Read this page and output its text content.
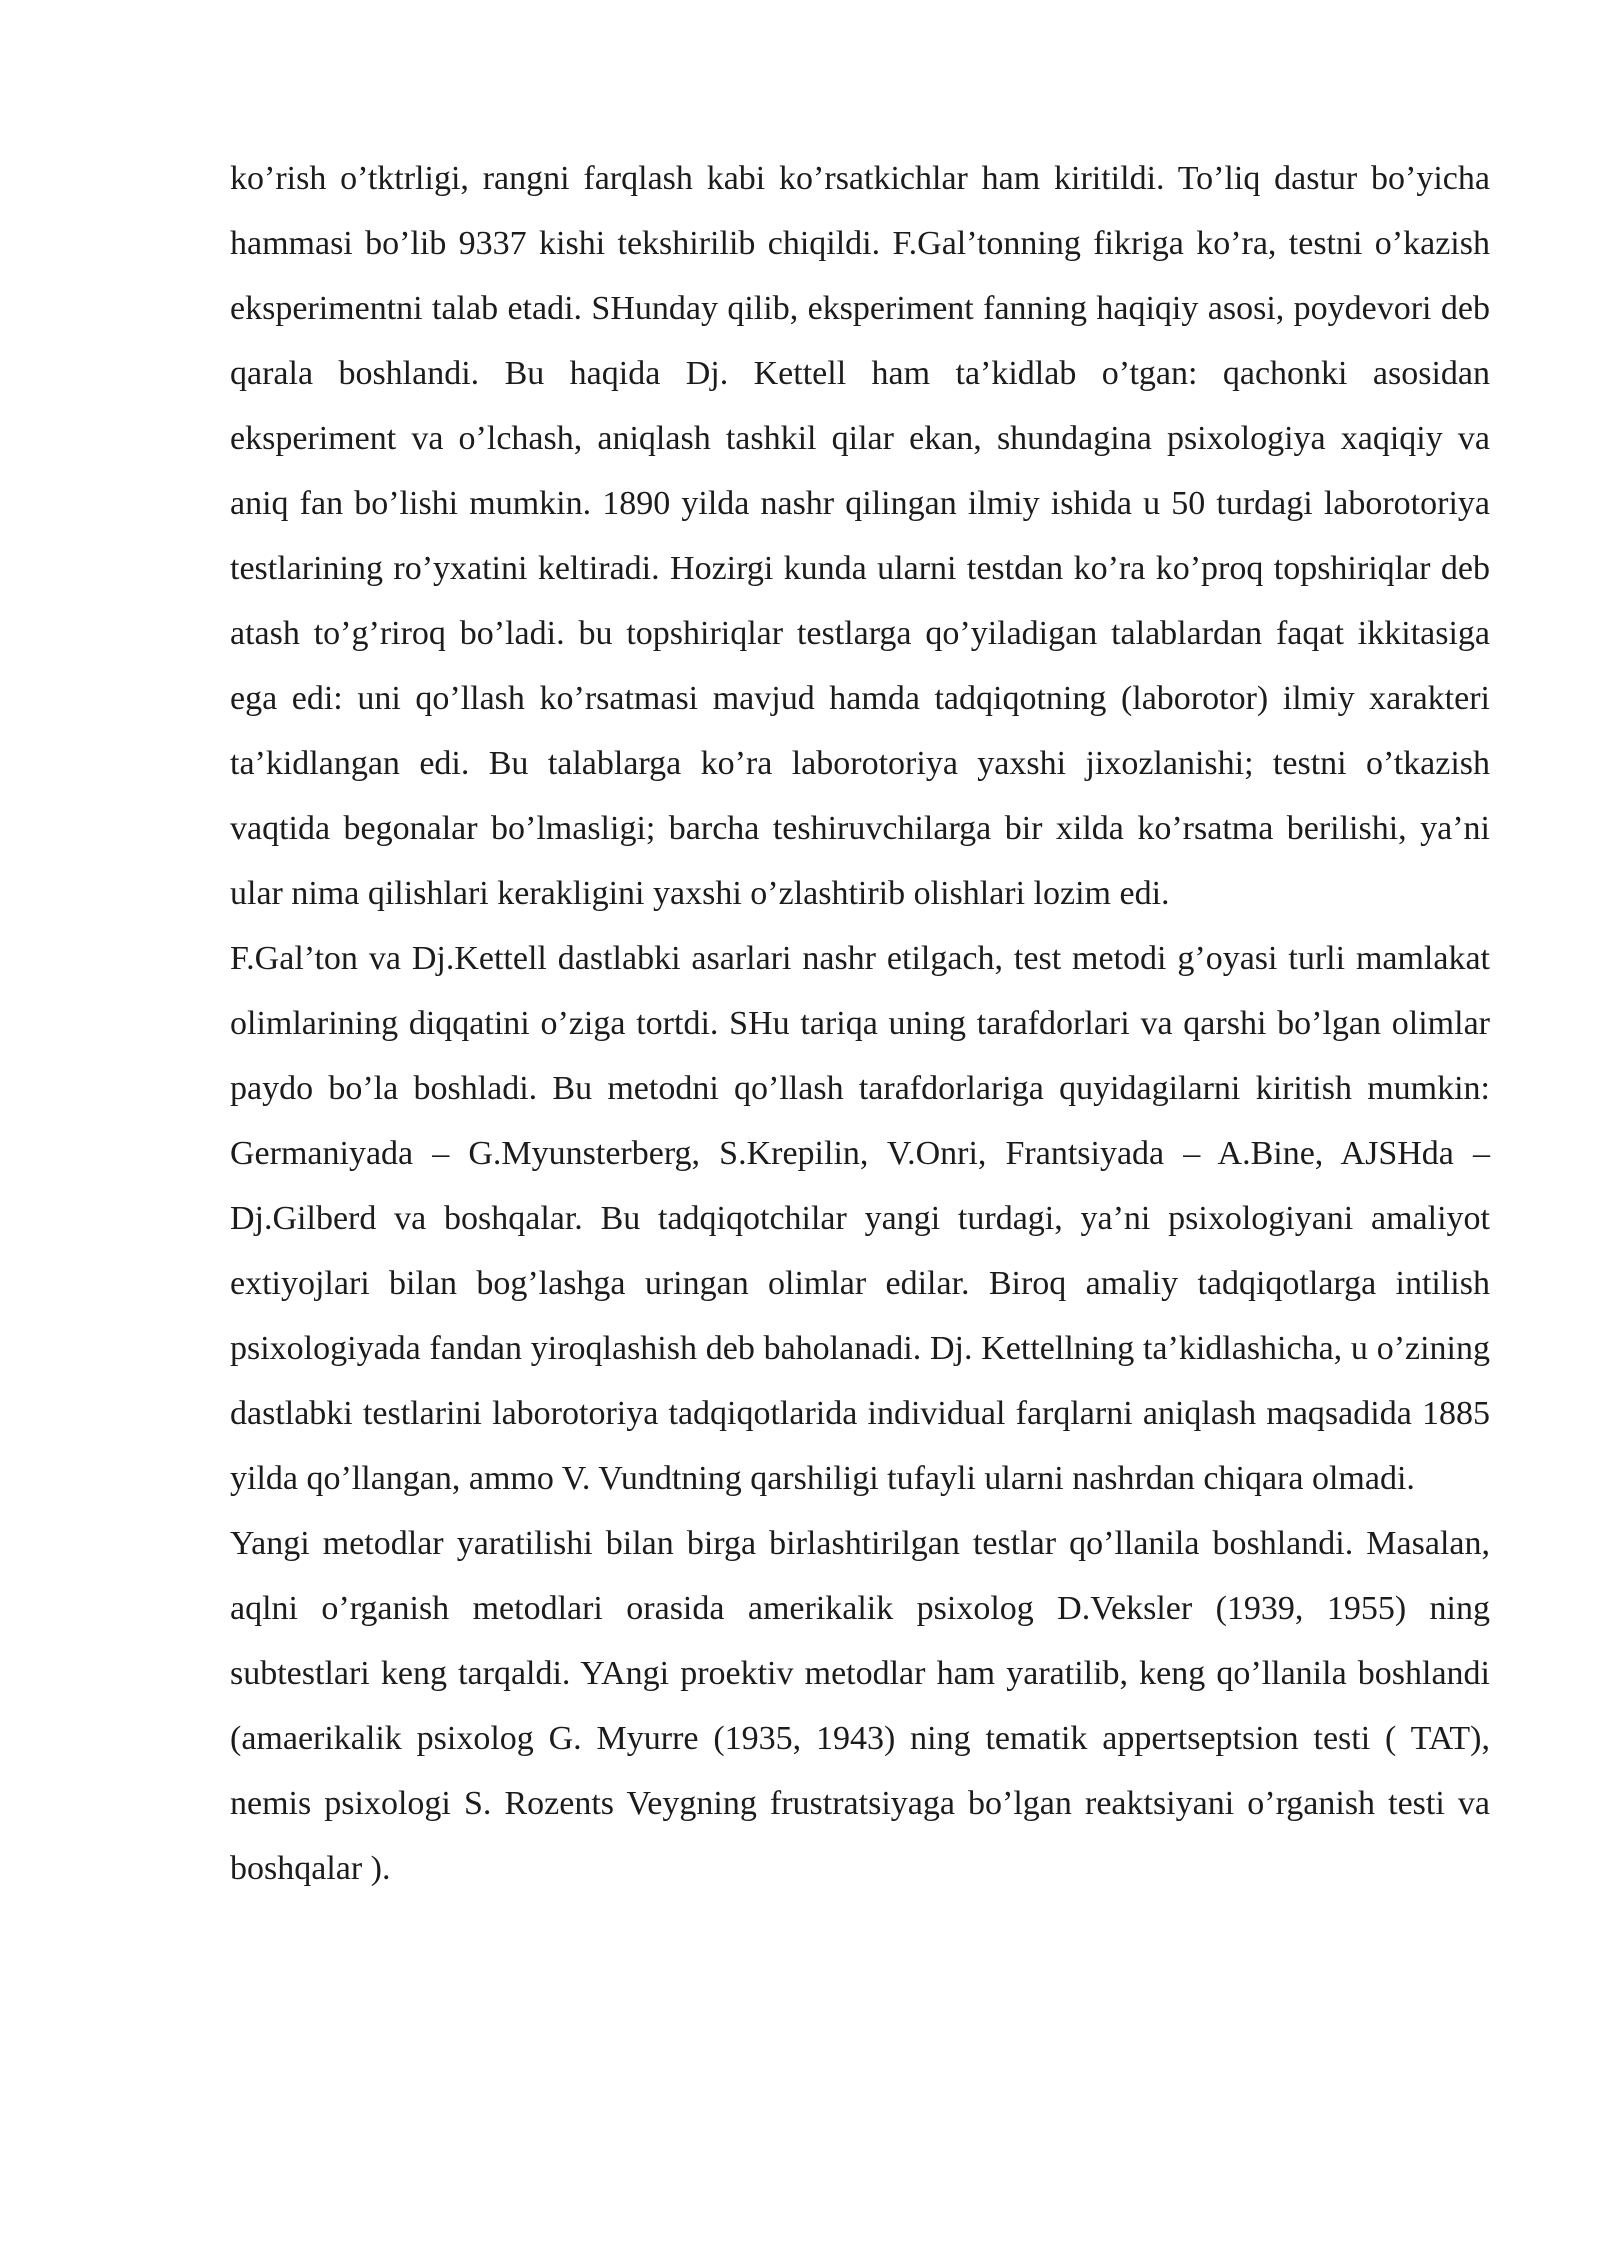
ko’rish o’tktrligi, rangni farqlash kabi ko’rsatkichlar ham kiritildi. To’liq dastur bo’yicha hammasi bo’lib 9337 kishi tekshirilib chiqildi. F.Gal’tonning fikriga ko’ra, testni o’kazish eksperimentni talab etadi. SHunday qilib, eksperiment fanning haqiqiy asosi, poydevori deb qarala boshlandi. Bu haqida Dj. Kettell ham ta’kidlab o’tgan: qachonki asosidan eksperiment va o’lchash, aniqlash tashkil qilar ekan, shundagina psixologiya xaqiqiy va aniq fan bo’lishi mumkin. 1890 yilda nashr qilingan ilmiy ishida u 50 turdagi laborotoriya testlarining ro’yxatini keltiradi. Hozirgi kunda ularni testdan ko’ra ko’proq topshiriqlar deb atash to’g’riroq bo’ladi. bu topshiriqlar testlarga qo’yiladigan talablardan faqat ikkitasiga ega edi: uni qo’llash ko’rsatmasi mavjud hamda tadqiqotning (laborotor) ilmiy xarakteri ta’kidlangan edi. Bu talablarga ko’ra laborotoriya yaxshi jixozlanishi; testni o’tkazish vaqtida begonalar bo’lmasligi; barcha teshiruvchilarga bir xilda ko’rsatma berilishi, ya’ni ular nima qilishlari kerakligini yaxshi o’zlashtirib olishlari lozim edi.

F.Gal’ton va Dj.Kettell dastlabki asarlari nashr etilgach, test metodi g’oyasi turli mamlakat olimlarining diqqatini o’ziga tortdi. SHu tariqa uning tarafdorlari va qarshi bo’lgan olimlar paydo bo’la boshladi. Bu metodni qo’llash tarafdorlariga quyidagilarni kiritish mumkin: Germaniyada – G.Myunsterberg, S.Krepilin, V.Onri, Frantsiyada – A.Bine, AJSHda – Dj.Gilberd va boshqalar. Bu tadqiqotchilar yangi turdagi, ya’ni psixologiyani amaliyot extiyojlari bilan bog’lashga uringan olimlar edilar. Biroq amaliy tadqiqotlarga intilish psixologiyada fandan yiroqlashish deb baholanadi. Dj. Kettellning ta’kidlashicha, u o’zining dastlabki testlarini laborotoriya tadqiqotlarida individual farqlarni aniqlash maqsadida 1885 yilda qo’llangan, ammo V. Vundtning qarshiligi tufayli ularni nashrdan chiqara olmadi.

Yangi metodlar yaratilishi bilan birga birlashtirilgan testlar qo’llanila boshlandi. Masalan, aqlni o’rganish metodlari orasida amerikalik psixolog D.Veksler (1939, 1955) ning subtestlari keng tarqaldi. YAngi proektiv metodlar ham yaratilib, keng qo’llanila boshlandi (amaerikalik psixolog G. Myurre (1935, 1943) ning tematik appertseptsion testi ( TAT), nemis psixologi S. Rozents Veygning frustratsiyaga bo’lgan reaktsiyani o’rganish testi va boshqalar ).
